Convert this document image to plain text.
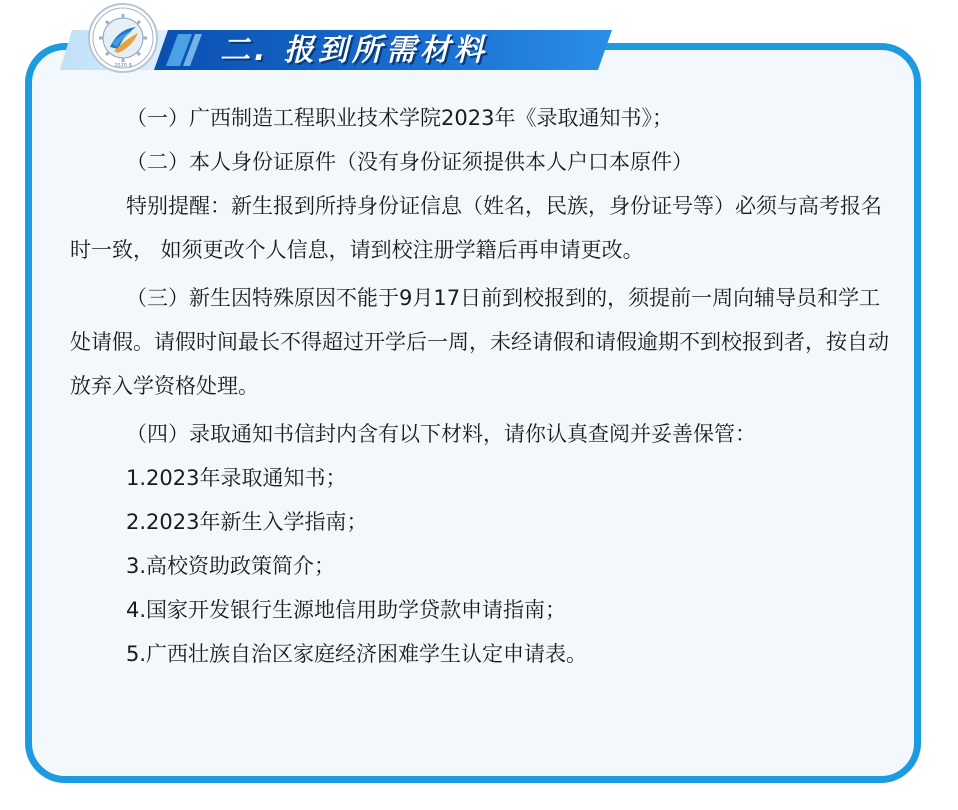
二. 报到所需材料
2020.9

（一）广西制造工程职业技术学院2023年《录取通知书》；

（二）本人身份证原件（没有身份证须提供本人户口本原件）

特别提醒：新生报到所持身份证信息（姓名，民族，身份证号等）必须与高考报名时一致， 如须更改个人信息，请到校注册学籍后再申请更改。

（三）新生因特殊原因不能于9月17日前到校报到的，须提前一周向辅导员和学工处请假。请假时间最长不得超过开学后一周，未经请假和请假逾期不到校报到者，按自动放弃入学资格处理。

（四）录取通知书信封内含有以下材料，请你认真查阅并妥善保管：

1.2023年录取通知书；

2.2023年新生入学指南；

3.高校资助政策简介；

4.国家开发银行生源地信用助学贷款申请指南；

5.广西壮族自治区家庭经济困难学生认定申请表。
